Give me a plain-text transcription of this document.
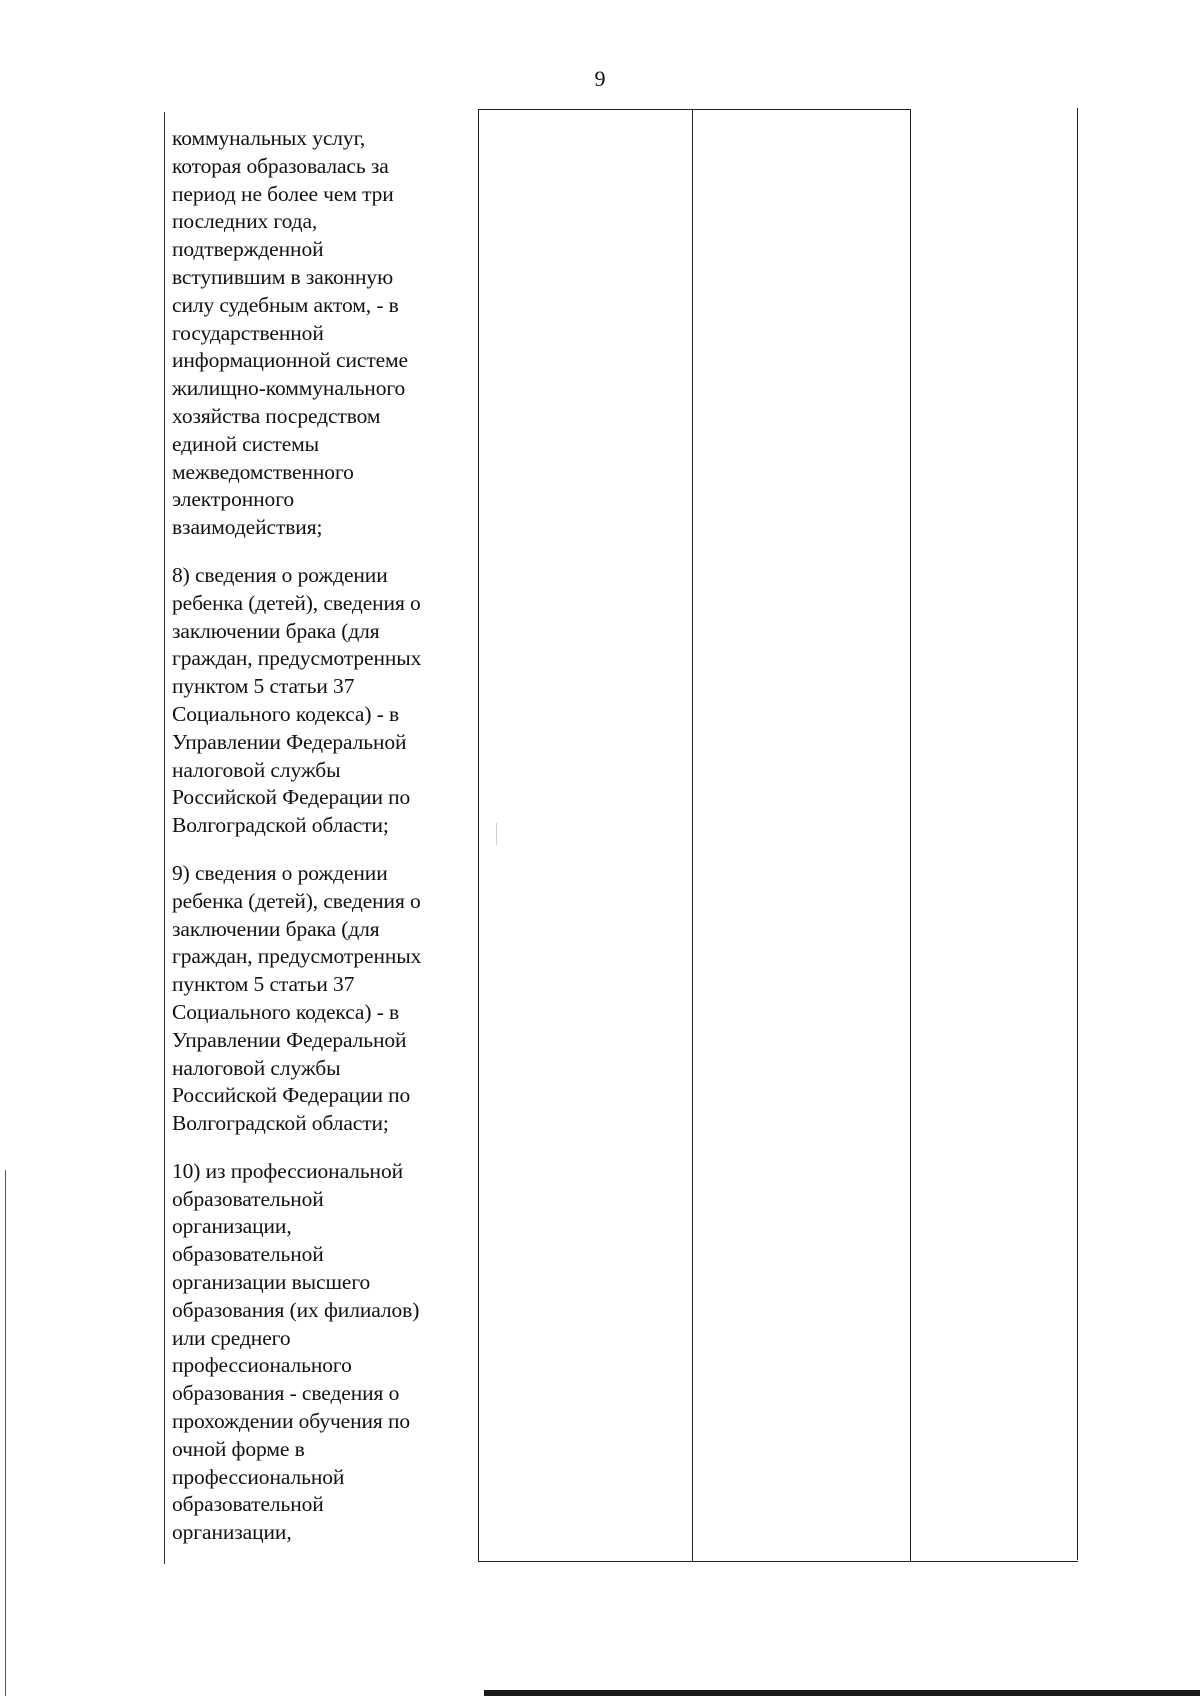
9

коммунальных услуг,
которая образовалась за
период не более чем три
последних года,
подтвержденной
вступившим в законную
силу судебным актом, - в
государственной
информационной системе
жилищно-коммунального
хозяйства посредством
единой системы
межведомственного
электронного
взаимодействия;

8) сведения о рождении
ребенка (детей), сведения о
заключении брака (для
граждан, предусмотренных
пунктом 5 статьи 37
Социального кодекса) - в
Управлении Федеральной
налоговой службы
Российской Федерации по
Волгоградской области;

9) сведения о рождении
ребенка (детей), сведения о
заключении брака (для
граждан, предусмотренных
пунктом 5 статьи 37
Социального кодекса) - в
Управлении Федеральной
налоговой службы
Российской Федерации по
Волгоградской области;

10) из профессиональной
образовательной
организации,
образовательной
организации высшего
образования (их филиалов)
или среднего
профессионального
образования - сведения о
прохождении обучения по
очной форме в
профессиональной
образовательной
организации,
